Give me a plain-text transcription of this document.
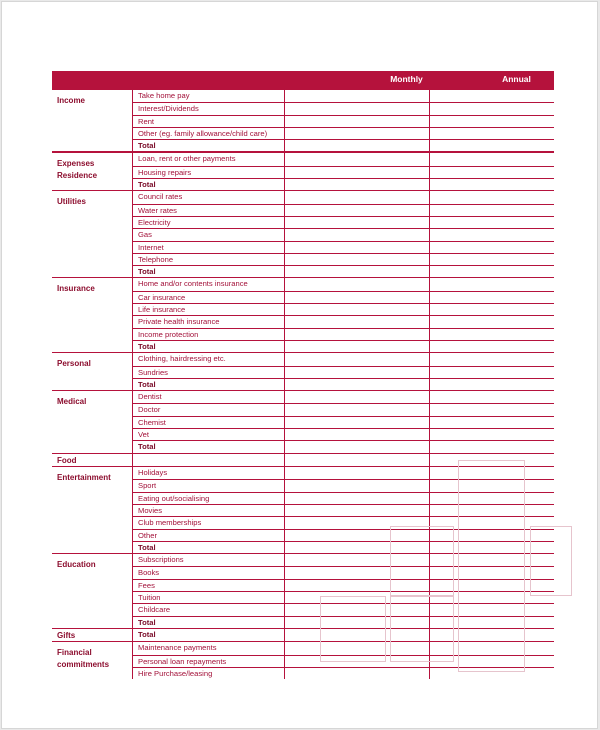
Monthly	Annual
Income
Take home pay
Interest/Dividends
Rent
Other (eg. family allowance/child care)
Total
Expenses Residence
Loan, rent or other payments
Housing repairs
Total
Utilities
Council rates
Water rates
Electricity
Gas
Internet
Telephone
Total
Insurance
Home and/or contents insurance
Car insurance
Life insurance
Private health insurance
Income protection
Total
Personal
Clothing, hairdressing etc.
Sundries
Total
Medical
Dentist
Doctor
Chemist
Vet
Total
Food
Entertainment
Holidays
Sport
Eating out/socialising
Movies
Club memberships
Other
Total
Education
Subscriptions
Books
Fees
Tuition
Childcare
Total
Gifts	Total
Financial commitments
Maintenance payments
Personal loan repayments
Hire Purchase/leasing
